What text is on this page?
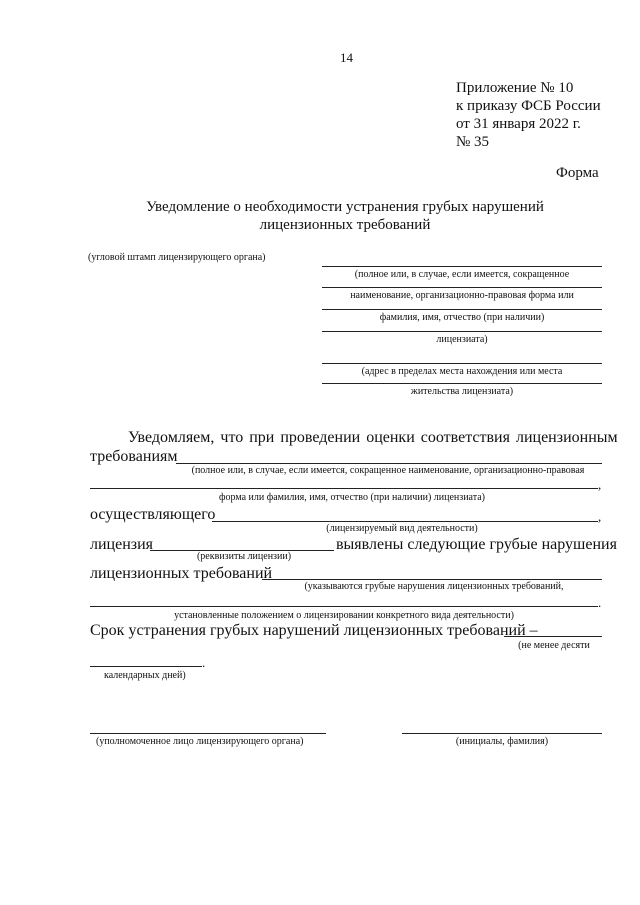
14
Приложение № 10
к приказу ФСБ России
от 31 января 2022 г.
№ 35
Форма
Уведомление о необходимости устранения грубых нарушений
лицензионных требований
(угловой штамп лицензирующего органа)
(полное или, в случае, если имеется, сокращенное
наименование, организационно-правовая форма или
фамилия, имя, отчество (при наличии)
лицензиата)
(адрес в пределах места нахождения или места
жительства лицензиата)
Уведомляем, что при проведении оценки соответствия лицензионным
требованиям
(полное или, в случае, если имеется, сокращенное наименование, организационно-правовая
,
форма или фамилия, имя, отчество (при наличии) лицензиата)
осуществляющего	,
(лицензируемый вид деятельности)
лицензия	выявлены следующие грубые нарушения
(реквизиты лицензии)
лицензионных требований
(указываются грубые нарушения лицензионных требований,
.
установленные положением о лицензировании конкретного вида деятельности)
Срок устранения грубых нарушений лицензионных требований –
(не менее десяти
.
календарных дней)
(уполномоченное лицо лицензирующего органа)	(инициалы, фамилия)
